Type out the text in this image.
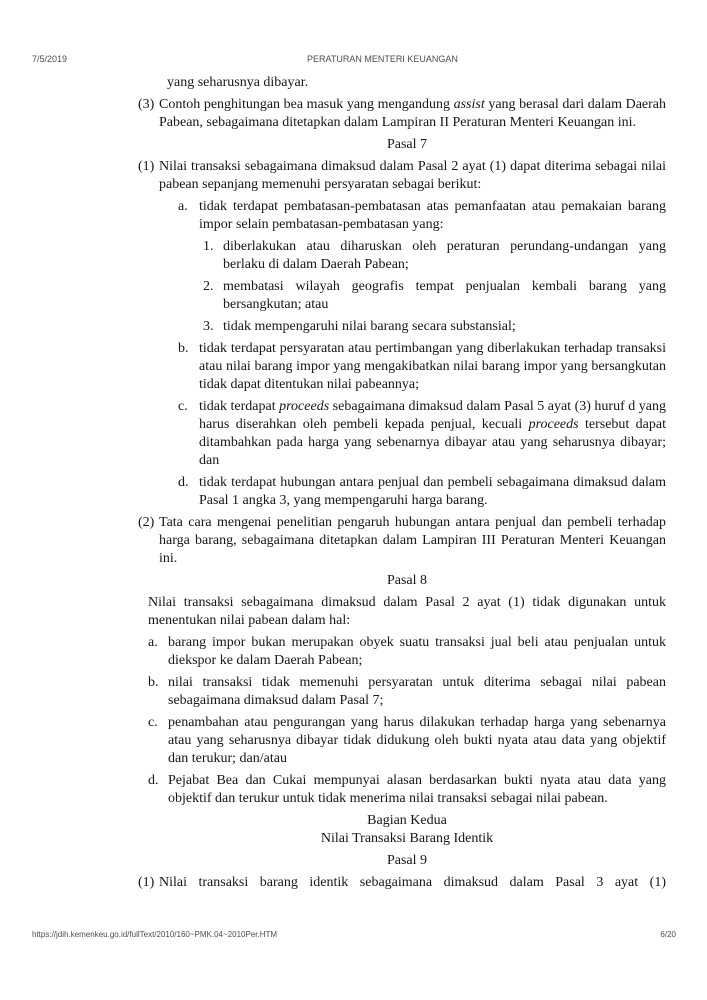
7/5/2019	PERATURAN MENTERI KEUANGAN
yang seharusnya dibayar.
(3) Contoh penghitungan bea masuk yang mengandung assist yang berasal dari dalam Daerah Pabean, sebagaimana ditetapkan dalam Lampiran II Peraturan Menteri Keuangan ini.
Pasal 7
(1) Nilai transaksi sebagaimana dimaksud dalam Pasal 2 ayat (1) dapat diterima sebagai nilai pabean sepanjang memenuhi persyaratan sebagai berikut:
a. tidak terdapat pembatasan-pembatasan atas pemanfaatan atau pemakaian barang impor selain pembatasan-pembatasan yang:
1. diberlakukan atau diharuskan oleh peraturan perundang-undangan yang berlaku di dalam Daerah Pabean;
2. membatasi wilayah geografis tempat penjualan kembali barang yang bersangkutan; atau
3. tidak mempengaruhi nilai barang secara substansial;
b. tidak terdapat persyaratan atau pertimbangan yang diberlakukan terhadap transaksi atau nilai barang impor yang mengakibatkan nilai barang impor yang bersangkutan tidak dapat ditentukan nilai pabeannya;
c. tidak terdapat proceeds sebagaimana dimaksud dalam Pasal 5 ayat (3) huruf d yang harus diserahkan oleh pembeli kepada penjual, kecuali proceeds tersebut dapat ditambahkan pada harga yang sebenarnya dibayar atau yang seharusnya dibayar; dan
d. tidak terdapat hubungan antara penjual dan pembeli sebagaimana dimaksud dalam Pasal 1 angka 3, yang mempengaruhi harga barang.
(2) Tata cara mengenai penelitian pengaruh hubungan antara penjual dan pembeli terhadap harga barang, sebagaimana ditetapkan dalam Lampiran III Peraturan Menteri Keuangan ini.
Pasal 8
Nilai transaksi sebagaimana dimaksud dalam Pasal 2 ayat (1) tidak digunakan untuk menentukan nilai pabean dalam hal:
a. barang impor bukan merupakan obyek suatu transaksi jual beli atau penjualan untuk diekspor ke dalam Daerah Pabean;
b. nilai transaksi tidak memenuhi persyaratan untuk diterima sebagai nilai pabean sebagaimana dimaksud dalam Pasal 7;
c. penambahan atau pengurangan yang harus dilakukan terhadap harga yang sebenarnya atau yang seharusnya dibayar tidak didukung oleh bukti nyata atau data yang objektif dan terukur; dan/atau
d. Pejabat Bea dan Cukai mempunyai alasan berdasarkan bukti nyata atau data yang objektif dan terukur untuk tidak menerima nilai transaksi sebagai nilai pabean.
Bagian Kedua
Nilai Transaksi Barang Identik
Pasal 9
(1) Nilai transaksi barang identik sebagaimana dimaksud dalam Pasal 3 ayat (1)
https://jdih.kemenkeu.go.id/fullText/2010/160~PMK.04~2010Per.HTM	6/20
